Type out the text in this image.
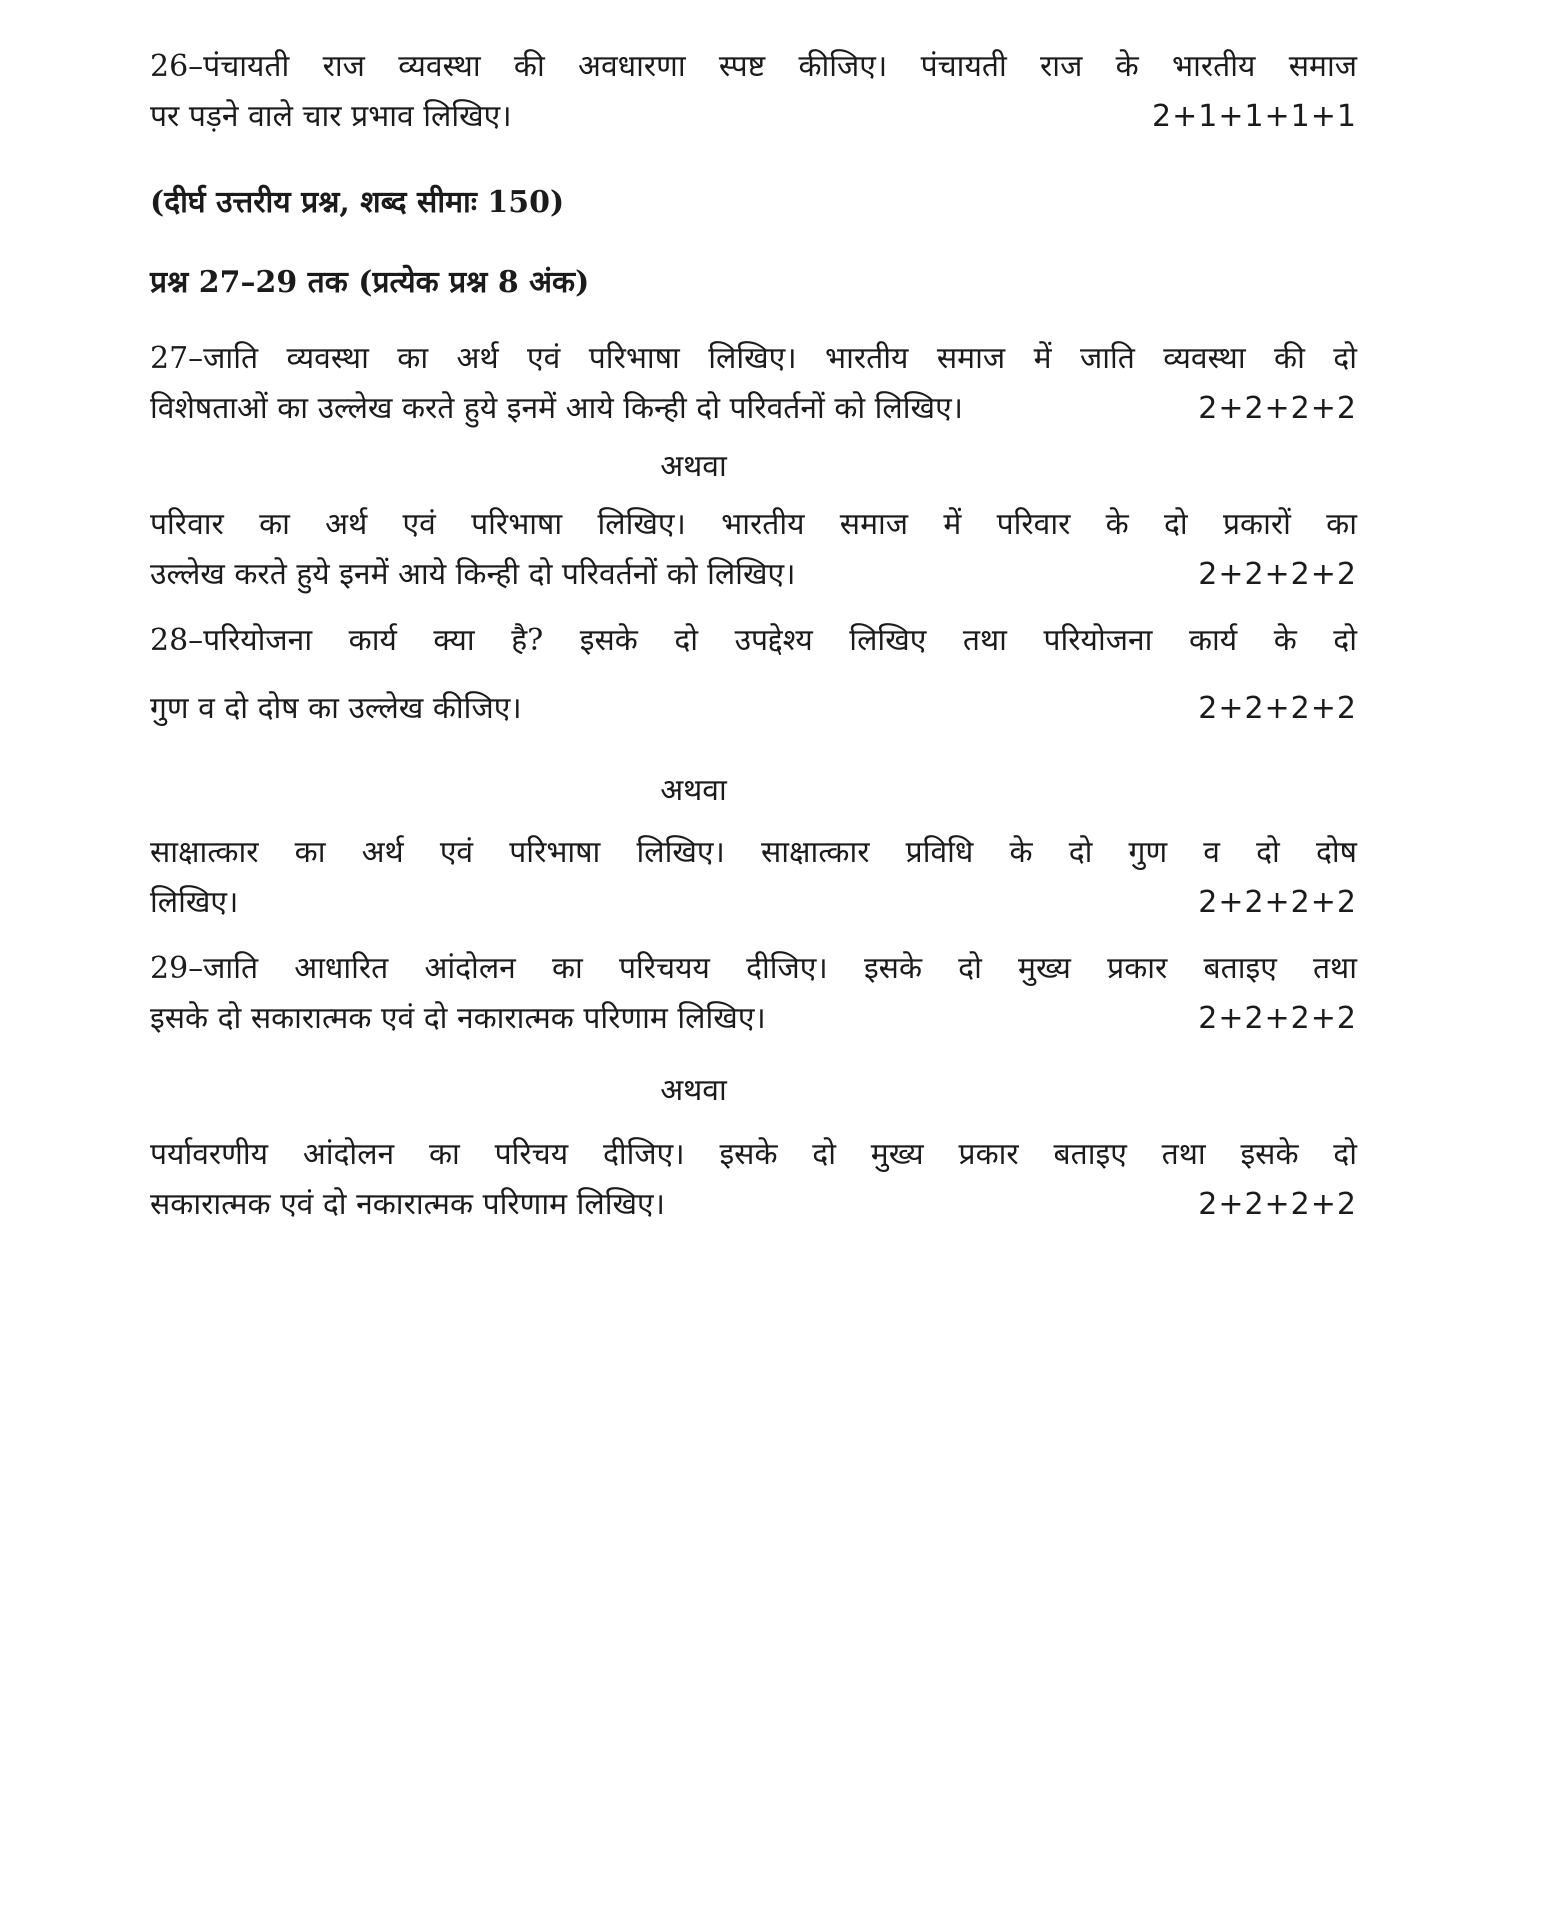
26–पंचायती राज व्यवस्था की अवधारणा स्पष्ट कीजिए। पंचायती राज के भारतीय समाज

पर पड़ने वाले चार प्रभाव लिखिए।	2+1+1+1+1

(दीर्घ उत्तरीय प्रश्न, शब्द सीमाः 150)

प्रश्न 27–29 तक (प्रत्येक प्रश्न 8 अंक)

27–जाति व्यवस्था का अर्थ एवं परिभाषा लिखिए। भारतीय समाज में जाति व्यवस्था की दो

विशेषताओं का उल्लेख करते हुये इनमें आये किन्ही दो परिवर्तनों को लिखिए।	2+2+2+2

अथवा

परिवार का अर्थ एवं परिभाषा लिखिए। भारतीय समाज में परिवार के दो प्रकारों का

उल्लेख करते हुये इनमें आये किन्ही दो परिवर्तनों को लिखिए।	2+2+2+2

28–परियोजना कार्य क्या है? इसके दो उपद्देश्य लिखिए तथा परियोजना कार्य के दो

गुण व दो दोष का उल्लेख कीजिए।	2+2+2+2

अथवा

साक्षात्कार का अर्थ एवं परिभाषा लिखिए। साक्षात्कार प्रविधि के दो गुण व दो दोष

लिखिए।	2+2+2+2

29–जाति आधारित आंदोलन का परिचयय दीजिए। इसके दो मुख्य प्रकार बताइए तथा

इसके दो सकारात्मक एवं दो नकारात्मक परिणाम लिखिए।	2+2+2+2

अथवा

पर्यावरणीय आंदोलन का परिचय दीजिए। इसके दो मुख्य प्रकार बताइए तथा इसके दो

सकारात्मक एवं दो नकारात्मक परिणाम लिखिए।	2+2+2+2
